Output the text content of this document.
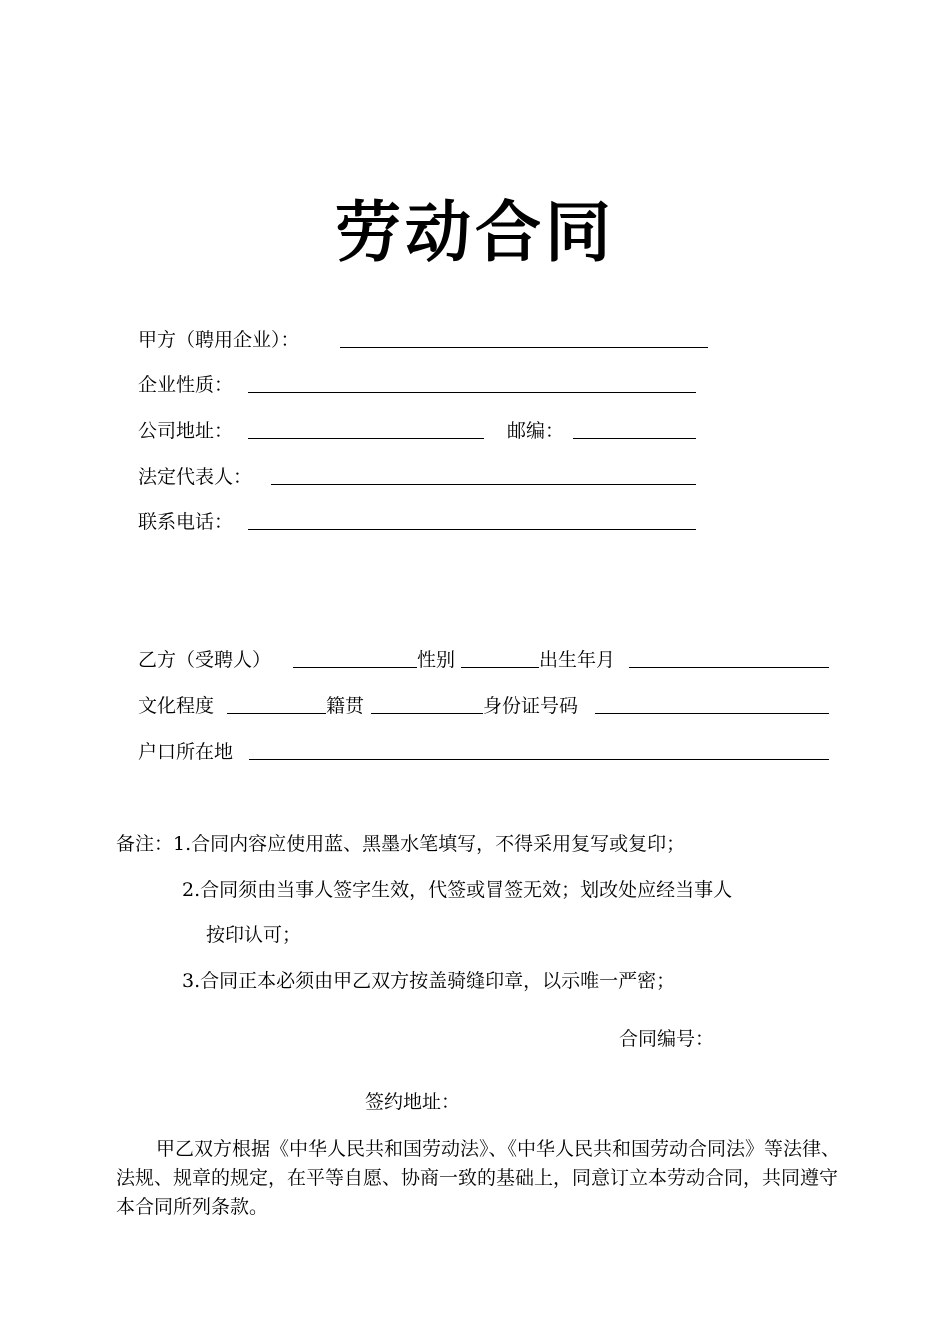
劳动合同
甲方（聘用企业）：
企业性质：
公司地址：	邮编：
法定代表人：
联系电话：
乙方（受聘人）	性别	出生年月
文化程度	籍贯	身份证号码
户口所在地
备注：1.合同内容应使用蓝、黑墨水笔填写，不得采用复写或复印；
2.合同须由当事人签字生效，代签或冒签无效；划改处应经当事人
按印认可；
3.合同正本必须由甲乙双方按盖骑缝印章，以示唯一严密；
合同编号：
签约地址：
甲乙双方根据《中华人民共和国劳动法》、《中华人民共和国劳动合同法》等法律、法规、规章的规定，在平等自愿、协商一致的基础上，同意订立本劳动合同，共同遵守本合同所列条款。
